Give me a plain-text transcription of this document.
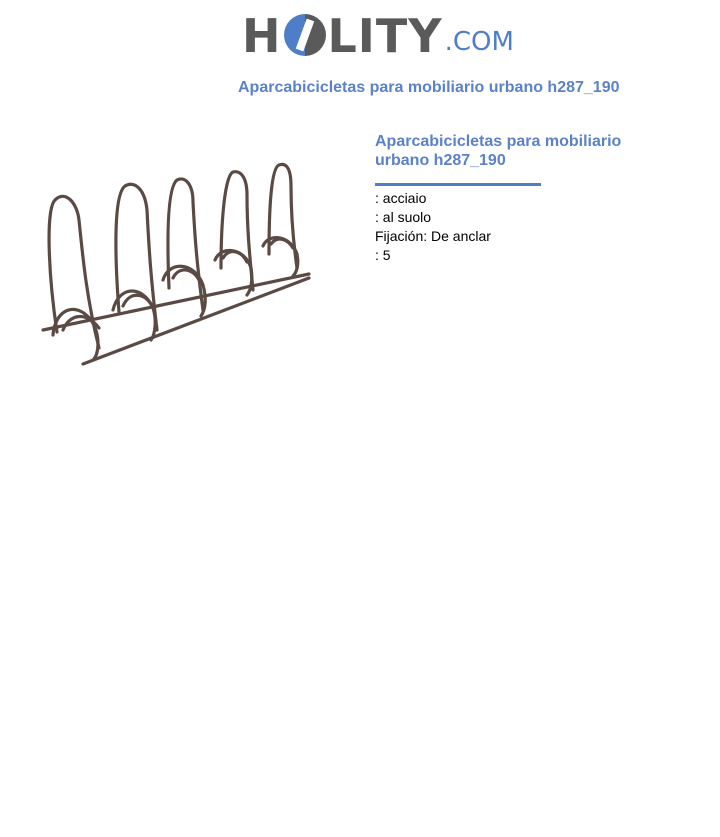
H LITY .COM
Aparcabicicletas para mobiliario urbano h287_190
Aparcabicicletas para mobiliario urbano h287_190
: acciaio
: al suolo
Fijación: De anclar
: 5
